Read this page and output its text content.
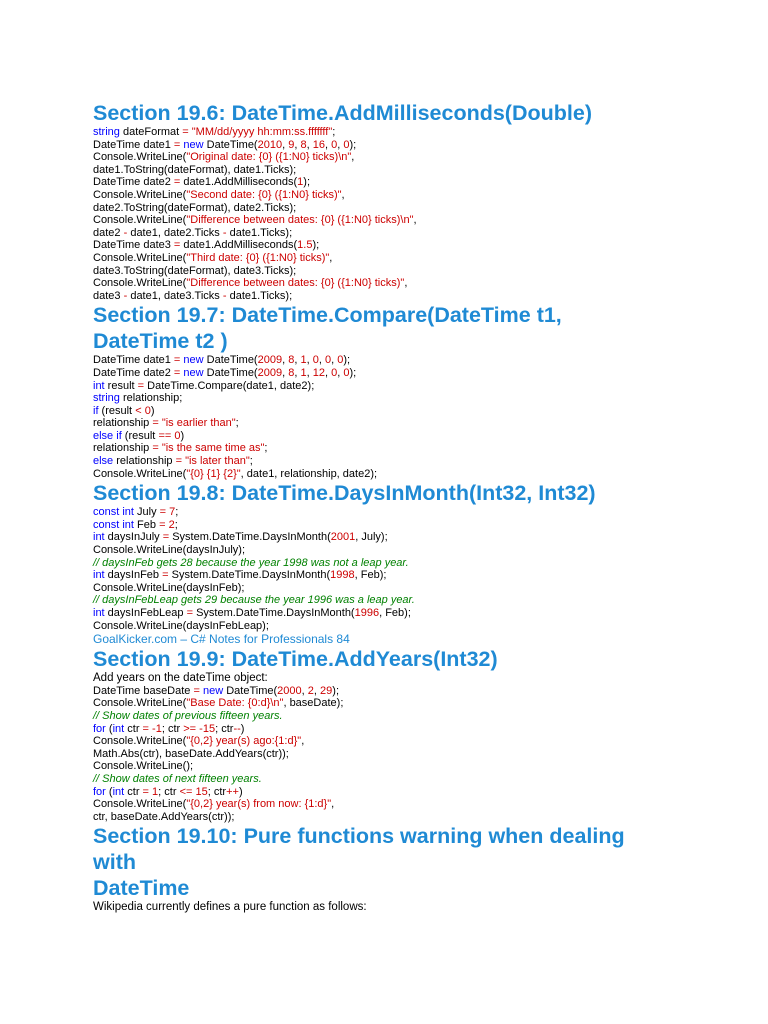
Section 19.6: DateTime.AddMilliseconds(Double)
string dateFormat = "MM/dd/yyyy hh:mm:ss.fffffff";
DateTime date1 = new DateTime(2010, 9, 8, 16, 0, 0);
Console.WriteLine("Original date: {0} ({1:N0} ticks)\n",
date1.ToString(dateFormat), date1.Ticks);
DateTime date2 = date1.AddMilliseconds(1);
Console.WriteLine("Second date: {0} ({1:N0} ticks)",
date2.ToString(dateFormat), date2.Ticks);
Console.WriteLine("Difference between dates: {0} ({1:N0} ticks)\n",
date2 - date1, date2.Ticks - date1.Ticks);
DateTime date3 = date1.AddMilliseconds(1.5);
Console.WriteLine("Third date: {0} ({1:N0} ticks)",
date3.ToString(dateFormat), date3.Ticks);
Console.WriteLine("Difference between dates: {0} ({1:N0} ticks)",
date3 - date1, date3.Ticks - date1.Ticks);
Section 19.7: DateTime.Compare(DateTime t1,
DateTime t2 )
DateTime date1 = new DateTime(2009, 8, 1, 0, 0, 0);
DateTime date2 = new DateTime(2009, 8, 1, 12, 0, 0);
int result = DateTime.Compare(date1, date2);
string relationship;
if (result < 0)
relationship = "is earlier than";
else if (result == 0)
relationship = "is the same time as";
else relationship = "is later than";
Console.WriteLine("{0} {1} {2}", date1, relationship, date2);
Section 19.8: DateTime.DaysInMonth(Int32, Int32)
const int July = 7;
const int Feb = 2;
int daysInJuly = System.DateTime.DaysInMonth(2001, July);
Console.WriteLine(daysInJuly);
// daysInFeb gets 28 because the year 1998 was not a leap year.
int daysInFeb = System.DateTime.DaysInMonth(1998, Feb);
Console.WriteLine(daysInFeb);
// daysInFebLeap gets 29 because the year 1996 was a leap year.
int daysInFebLeap = System.DateTime.DaysInMonth(1996, Feb);
Console.WriteLine(daysInFebLeap);
GoalKicker.com – C# Notes for Professionals 84
Section 19.9: DateTime.AddYears(Int32)
Add years on the dateTime object:
DateTime baseDate = new DateTime(2000, 2, 29);
Console.WriteLine("Base Date: {0:d}\n", baseDate);
// Show dates of previous fifteen years.
for (int ctr = -1; ctr >= -15; ctr--)
Console.WriteLine("{0,2} year(s) ago:{1:d}",
Math.Abs(ctr), baseDate.AddYears(ctr));
Console.WriteLine();
// Show dates of next fifteen years.
for (int ctr = 1; ctr <= 15; ctr++)
Console.WriteLine("{0,2} year(s) from now: {1:d}",
ctr, baseDate.AddYears(ctr));
Section 19.10: Pure functions warning when dealing
with
DateTime
Wikipedia currently defines a pure function as follows:
